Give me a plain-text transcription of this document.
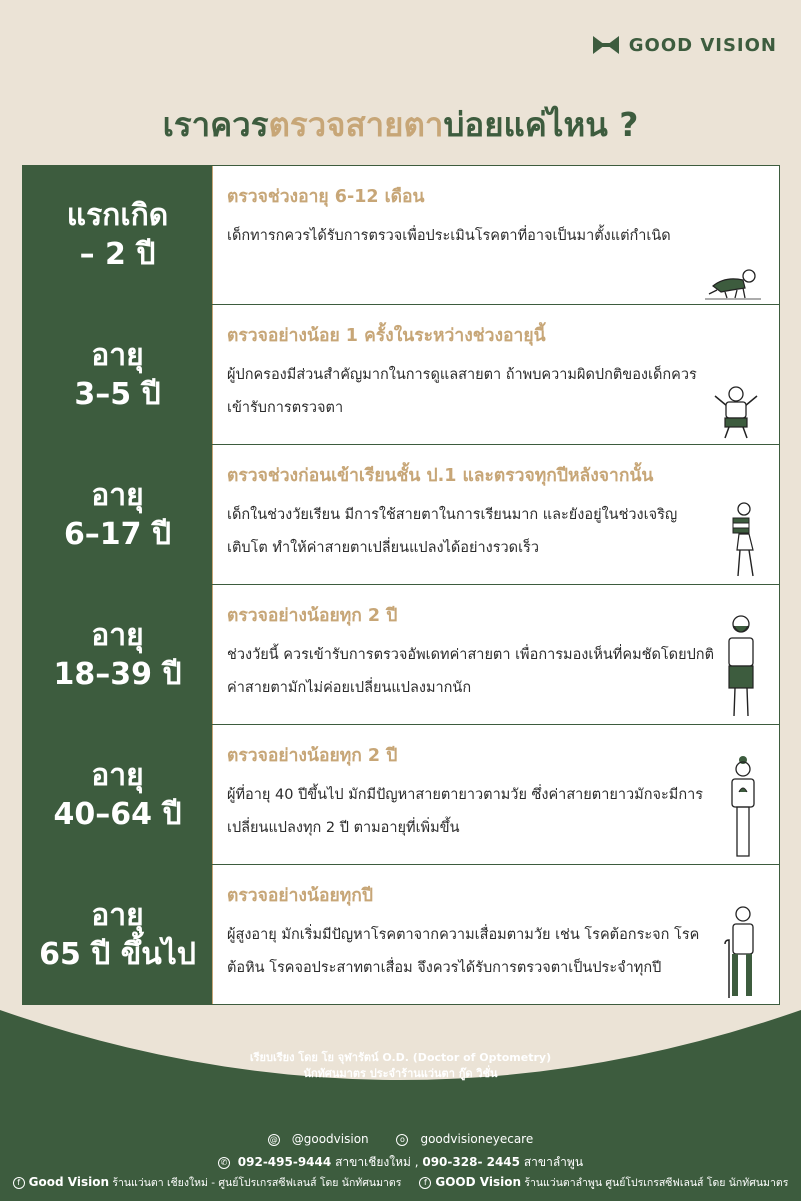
GOOD VISION
เราควรตรวจสายตาบ่อยแค่ไหน ?
แรกเกิด
– 2 ปี
ตรวจช่วงอายุ 6-12 เดือน
เด็กทารกควรได้รับการตรวจเพื่อประเมินโรคตาที่อาจเป็นมาตั้งแต่กำเนิด
อายุ
3–5 ปี
ตรวจอย่างน้อย 1 ครั้งในระหว่างช่วงอายุนี้
ผู้ปกครองมีส่วนสำคัญมากในการดูแลสายตา ถ้าพบความผิดปกติของเด็กควรเข้ารับการตรวจตา
อายุ
6–17 ปี
ตรวจช่วงก่อนเข้าเรียนชั้น ป.1 และตรวจทุกปีหลังจากนั้น
เด็กในช่วงวัยเรียน มีการใช้สายตาในการเรียนมาก และยังอยู่ในช่วงเจริญเติบโต ทำให้ค่าสายตาเปลี่ยนแปลงได้อย่างรวดเร็ว
อายุ
18–39 ปี
ตรวจอย่างน้อยทุก 2 ปี
ช่วงวัยนี้ ควรเข้ารับการตรวจอัพเดทค่าสายตา เพื่อการมองเห็นที่คมชัดโดยปกติค่าสายตามักไม่ค่อยเปลี่ยนแปลงมากนัก
อายุ
40–64 ปี
ตรวจอย่างน้อยทุก 2 ปี
ผู้ที่อายุ 40 ปีขึ้นไป มักมีปัญหาสายตายาวตามวัย ซึ่งค่าสายตายาวมักจะมีการเปลี่ยนแปลงทุก 2 ปี ตามอายุที่เพิ่มขึ้น
อายุ
65 ปี ขึ้นไป
ตรวจอย่างน้อยทุกปี
ผู้สูงอายุ มักเริ่มมีปัญหาโรคตาจากความเสื่อมตามวัย เช่น โรคต้อกระจก โรคต้อหิน โรคจอประสาทตาเสื่อม จึงควรได้รับการตรวจตาเป็นประจำทุกปี
เรียบเรียง โดย โย จุฬารัตน์ O.D. (Doctor of Optometry)
นักทัศนมาตร ประจำร้านแว่นตา กู๊ด วิชั่น
@ @goodvision	o goodvisioneyecare
✆ 092-495-9444 สาขาเชียงใหม่ , 090-328- 2445 สาขาลำพูน
f Good Vision ร้านแว่นตา เชียงใหม่ - ศูนย์โปรเกรสซีฟเลนส์ โดย นักทัศนมาตร	f GOOD Vision ร้านแว่นตาลำพูน ศูนย์โปรเกรสซีฟเลนส์ โดย นักทัศนมาตร
